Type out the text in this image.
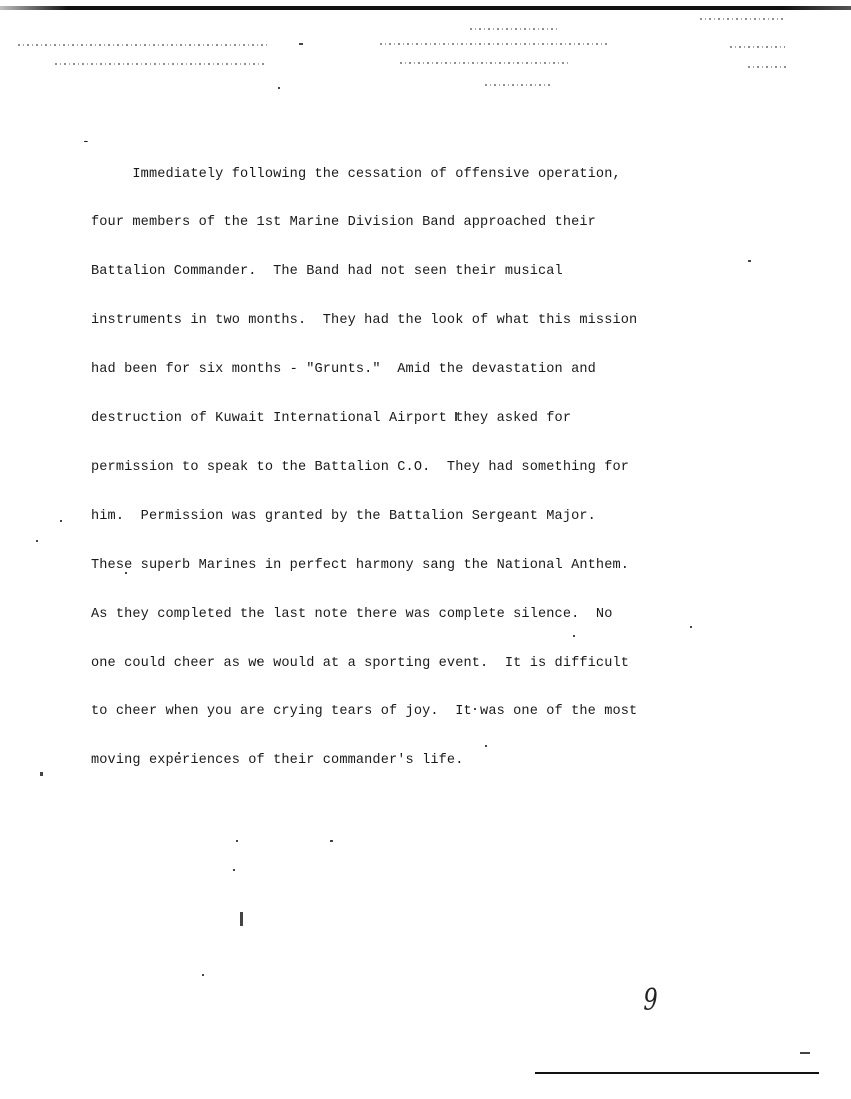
-

Immediately following the cessation of offensive operation,

four members of the 1st Marine Division Band approached their

Battalion Commander.  The Band had not seen their musical

instruments in two months.  They had the look of what this mission

had been for six months - "Grunts."  Amid the devastation and

destruction of Kuwait International Airport they asked for

permission to speak to the Battalion C.O.  They had something for

him.  Permission was granted by the Battalion Sergeant Major.

These superb Marines in perfect harmony sang the National Anthem.

As they completed the last note there was complete silence.  No

one could cheer as we would at a sporting event.  It is difficult

to cheer when you are crying tears of joy.  It was one of the most

moving experiences of their commander's life.

9
